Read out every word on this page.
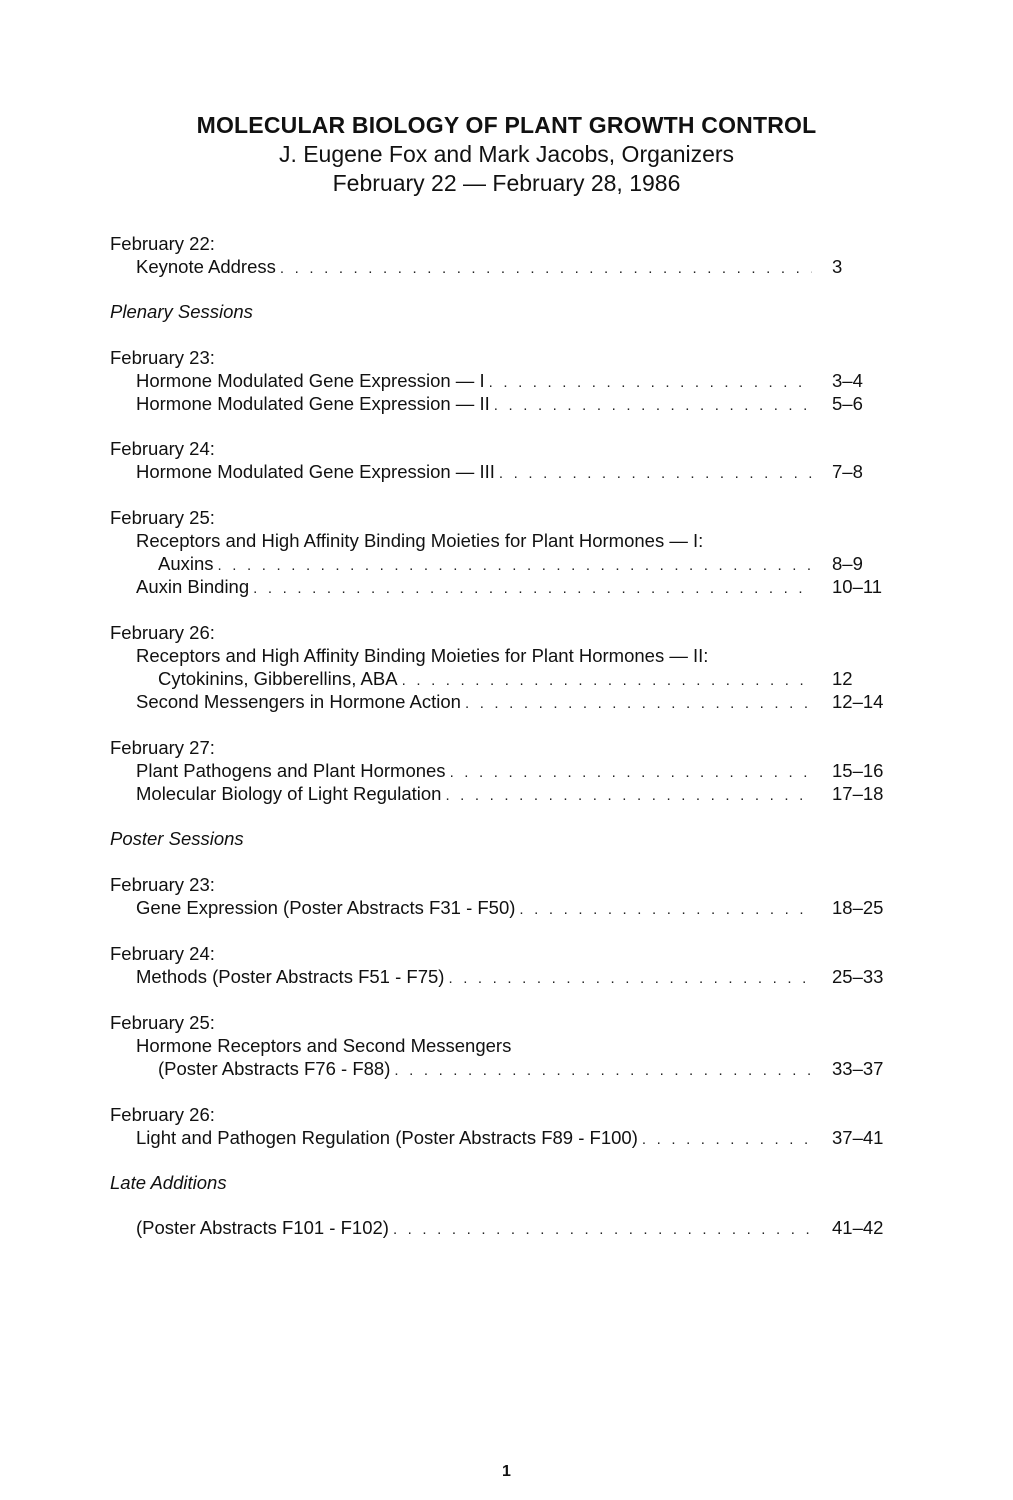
MOLECULAR BIOLOGY OF PLANT GROWTH CONTROL
J. Eugene Fox and Mark Jacobs, Organizers
February 22 — February 28, 1986
February 22:
Keynote Address . . .	3
Plenary Sessions
February 23:
Hormone Modulated Gene Expression — I . . .	3–4
Hormone Modulated Gene Expression — II . . .	5–6
February 24:
Hormone Modulated Gene Expression — III . . .	7–8
February 25:
Receptors and High Affinity Binding Moieties for Plant Hormones — I:
Auxins . . .	8–9
Auxin Binding . . .	10–11
February 26:
Receptors and High Affinity Binding Moieties for Plant Hormones — II:
Cytokinins, Gibberellins, ABA . . .	12
Second Messengers in Hormone Action . . .	12–14
February 27:
Plant Pathogens and Plant Hormones . . .	15–16
Molecular Biology of Light Regulation . . .	17–18
Poster Sessions
February 23:
Gene Expression (Poster Abstracts F31 - F50) . . .	18–25
February 24:
Methods (Poster Abstracts F51 - F75) . . .	25–33
February 25:
Hormone Receptors and Second Messengers
(Poster Abstracts F76 - F88) . . .	33–37
February 26:
Light and Pathogen Regulation (Poster Abstracts F89 - F100) . . .	37–41
Late Additions
(Poster Abstracts F101 - F102) . . .	41–42
1
